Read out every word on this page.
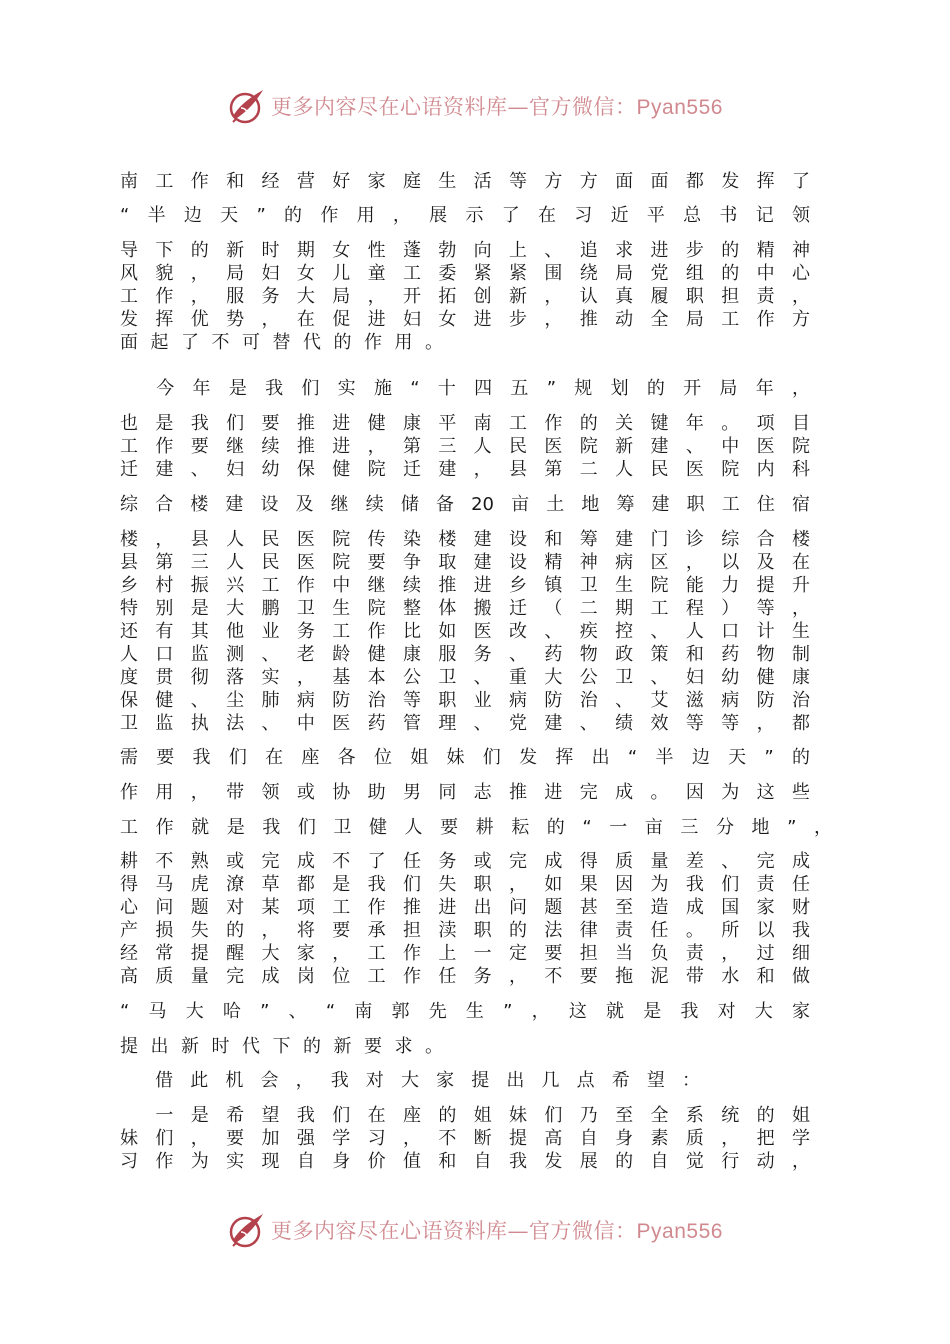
更多内容尽在心语资料库—官方微信：Pyan556
南工作和经营好家庭生活等方方面面都发挥了
“半边天”的作用，展示了在习近平总书记领
导下的新时期女性蓬勃向上、追求进步的精神
风貌，局妇女儿童工委紧紧围绕局党组的中心
工作，服务大局，开拓创新，认真履职担责，
发挥优势，在促进妇女进步，推动全局工作方
面起了不可替代的作用。
　今年是我们实施“十四五”规划的开局年，
也是我们要推进健康平南工作的关键年。项目
工作要继续推进，第三人民医院新建、中医院
迁建、妇幼保健院迁建，县第二人民医院内科
综合楼建设及继续储备20亩土地筹建职工住宿
楼，县人民医院传染楼建设和筹建门诊综合楼
县第三人民医院要争取建设精神病区，以及在
乡村振兴工作中继续推进乡镇卫生院能力提升
特别是大鹏卫生院整体搬迁（二期工程）等，
还有其他业务工作比如医改、疾控、人口计生
人口监测、老龄健康服务、药物政策和药物制
度贯彻落实，基本公卫、重大公卫、妇幼健康
保健、尘肺病防治等职业病防治、艾滋病防治
卫监执法、中医药管理、党建、绩效等等，都
需要我们在座各位姐妹们发挥出“半边天”的
作用，带领或协助男同志推进完成。因为这些
工作就是我们卫健人要耕耘的“一亩三分地”，
耕不熟或完成不了任务或完成得质量差、完成
得马虎潦草都是我们失职，如果因为我们责任
心问题对某项工作推进出问题甚至造成国家财
产损失的，将要承担渎职的法律责任。所以我
经常提醒大家，工作上一定要担当负责，过细
高质量完成岗位工作任务，不要拖泥带水和做
“马大哈”、“南郭先生”，这就是我对大家
提出新时代下的新要求。
　借此机会，我对大家提出几点希望：
　一是希望我们在座的姐妹们乃至全系统的姐
妹们，要加强学习，不断提高自身素质，把学
习作为实现自身价值和自我发展的自觉行动，
更多内容尽在心语资料库—官方微信：Pyan556
